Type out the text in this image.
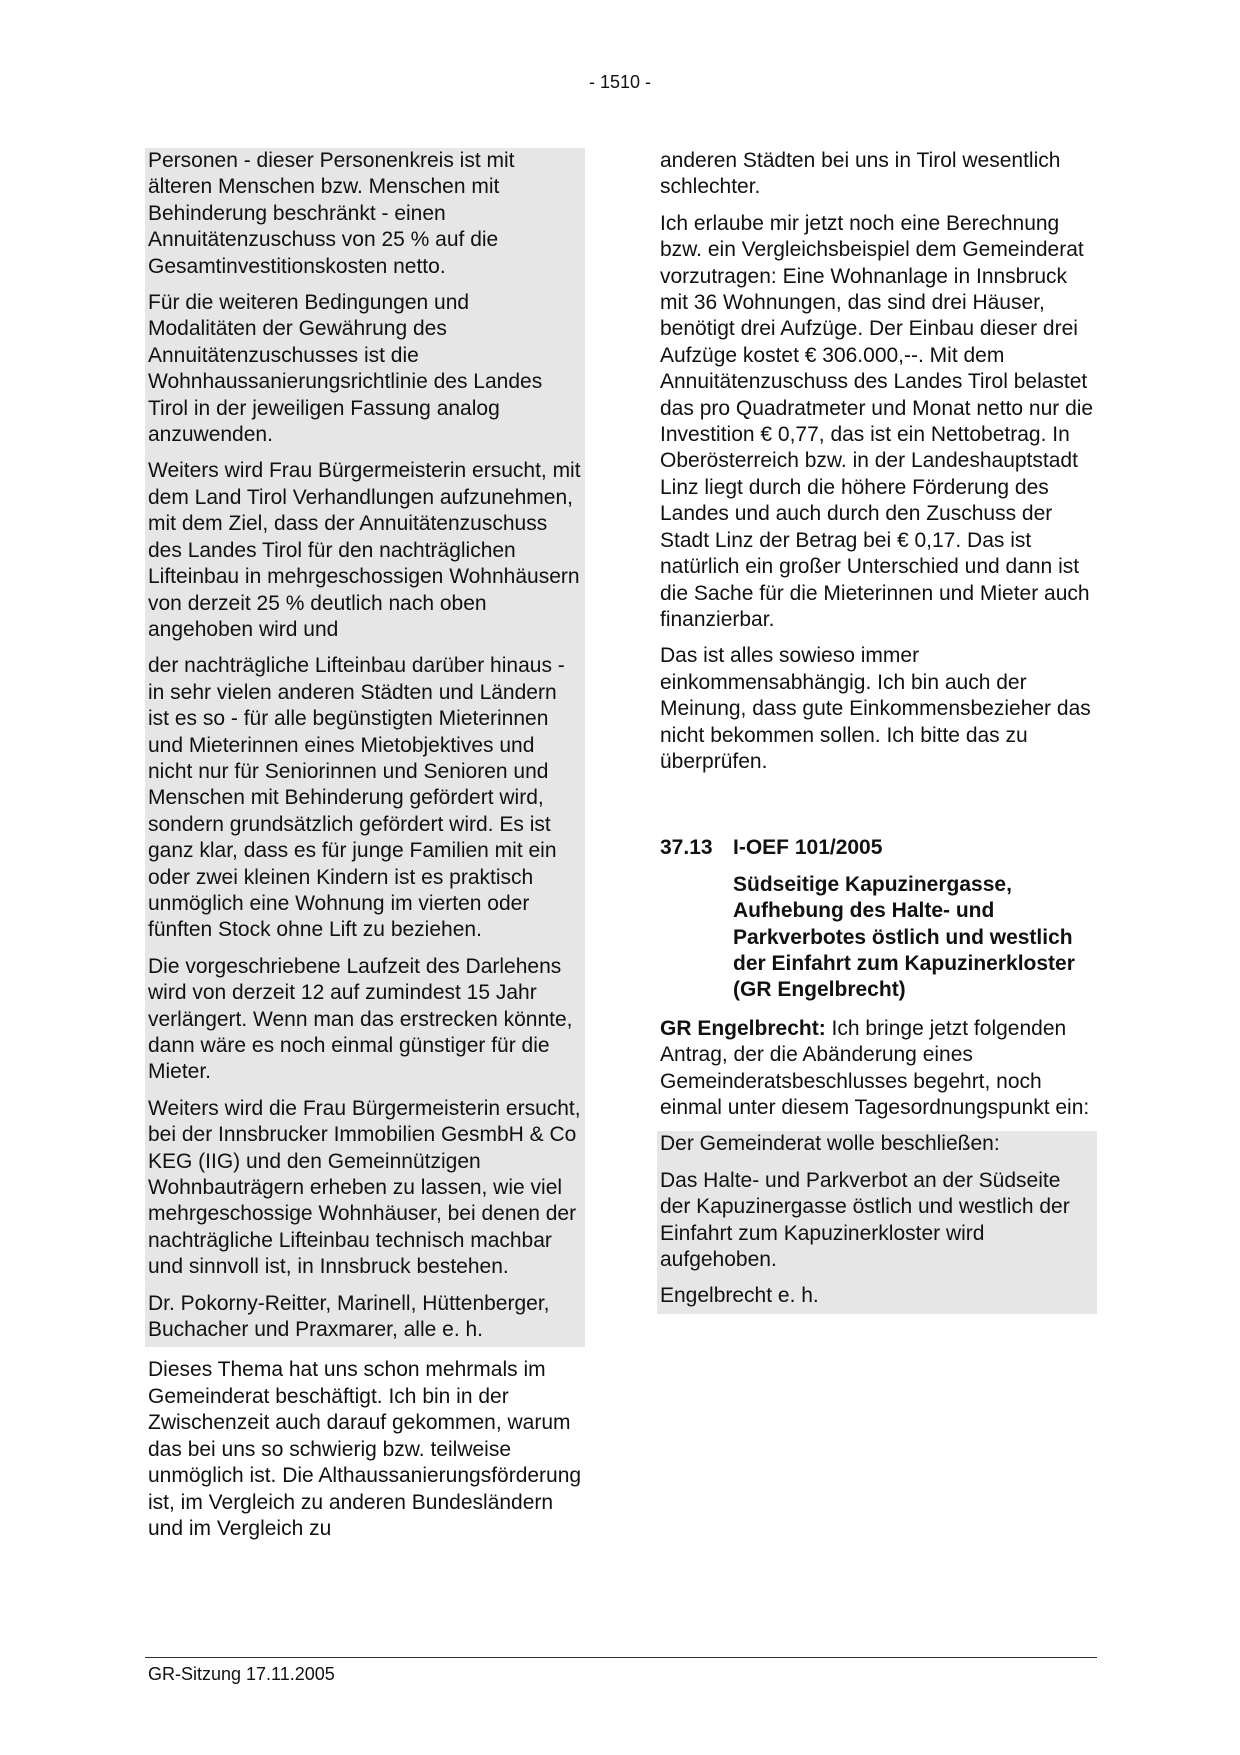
- 1510 -

Personen - dieser Personenkreis ist mit älteren Menschen bzw. Menschen mit Behinderung beschränkt - einen Annuitätenzuschuss von 25 % auf die Gesamtinvestitionskosten netto.

Für die weiteren Bedingungen und Modalitäten der Gewährung des Annuitätenzuschusses ist die Wohnhaussanierungsrichtlinie des Landes Tirol in der jeweiligen Fassung analog anzuwenden.

Weiters wird Frau Bürgermeisterin ersucht, mit dem Land Tirol Verhandlungen aufzunehmen, mit dem Ziel, dass der Annuitätenzuschuss des Landes Tirol für den nachträglichen Lifteinbau in mehrgeschossigen Wohnhäusern von derzeit 25 % deutlich nach oben angehoben wird und

der nachträgliche Lifteinbau darüber hinaus - in sehr vielen anderen Städten und Ländern ist es so - für alle begünstigten Mieterinnen und Mieterinnen eines Mietobjektives und nicht nur für Seniorinnen und Senioren und Menschen mit Behinderung gefördert wird, sondern grundsätzlich gefördert wird. Es ist ganz klar, dass es für junge Familien mit ein oder zwei kleinen Kindern ist es praktisch unmöglich eine Wohnung im vierten oder fünften Stock ohne Lift zu beziehen.

Die vorgeschriebene Laufzeit des Darlehens wird von derzeit 12 auf zumindest 15 Jahr verlängert. Wenn man das erstrecken könnte, dann wäre es noch einmal günstiger für die Mieter.

Weiters wird die Frau Bürgermeisterin ersucht, bei der Innsbrucker Immobilien GesmbH & Co KEG (IIG) und den Gemeinnützigen Wohnbauträgern erheben zu lassen, wie viel mehrgeschossige Wohnhäuser, bei denen der nachträgliche Lifteinbau technisch machbar und sinnvoll ist, in Innsbruck bestehen.

Dr. Pokorny-Reitter, Marinell, Hüttenberger, Buchacher und Praxmarer, alle e. h.

Dieses Thema hat uns schon mehrmals im Gemeinderat beschäftigt. Ich bin in der Zwischenzeit auch darauf gekommen, warum das bei uns so schwierig bzw. teilweise unmöglich ist. Die Althaussanierungsförderung ist, im Vergleich zu anderen Bundesländern und im Vergleich zu

anderen Städten bei uns in Tirol wesentlich schlechter.

Ich erlaube mir jetzt noch eine Berechnung bzw. ein Vergleichsbeispiel dem Gemeinderat vorzutragen: Eine Wohnanlage in Innsbruck mit 36 Wohnungen, das sind drei Häuser, benötigt drei Aufzüge. Der Einbau dieser drei Aufzüge kostet € 306.000,--. Mit dem Annuitätenzuschuss des Landes Tirol belastet das pro Quadratmeter und Monat netto nur die Investition € 0,77, das ist ein Nettobetrag. In Oberösterreich bzw. in der Landeshauptstadt Linz liegt durch die höhere Förderung des Landes und auch durch den Zuschuss der Stadt Linz der Betrag bei € 0,17. Das ist natürlich ein großer Unterschied und dann ist die Sache für die Mieterinnen und Mieter auch finanzierbar.

Das ist alles sowieso immer einkommensabhängig. Ich bin auch der Meinung, dass gute Einkommensbezieher das nicht bekommen sollen. Ich bitte das zu überprüfen.

37.13 I-OEF 101/2005

Südseitige Kapuzinergasse, Aufhebung des Halte- und Parkverbotes östlich und westlich der Einfahrt zum Kapuzinerkloster (GR Engelbrecht)

GR Engelbrecht: Ich bringe jetzt folgenden Antrag, der die Abänderung eines Gemeinderatsbeschlusses begehrt, noch einmal unter diesem Tagesordnungspunkt ein:

Der Gemeinderat wolle beschließen:

Das Halte- und Parkverbot an der Südseite der Kapuzinergasse östlich und westlich der Einfahrt zum Kapuzinerkloster wird aufgehoben.

Engelbrecht e. h.

GR-Sitzung 17.11.2005
